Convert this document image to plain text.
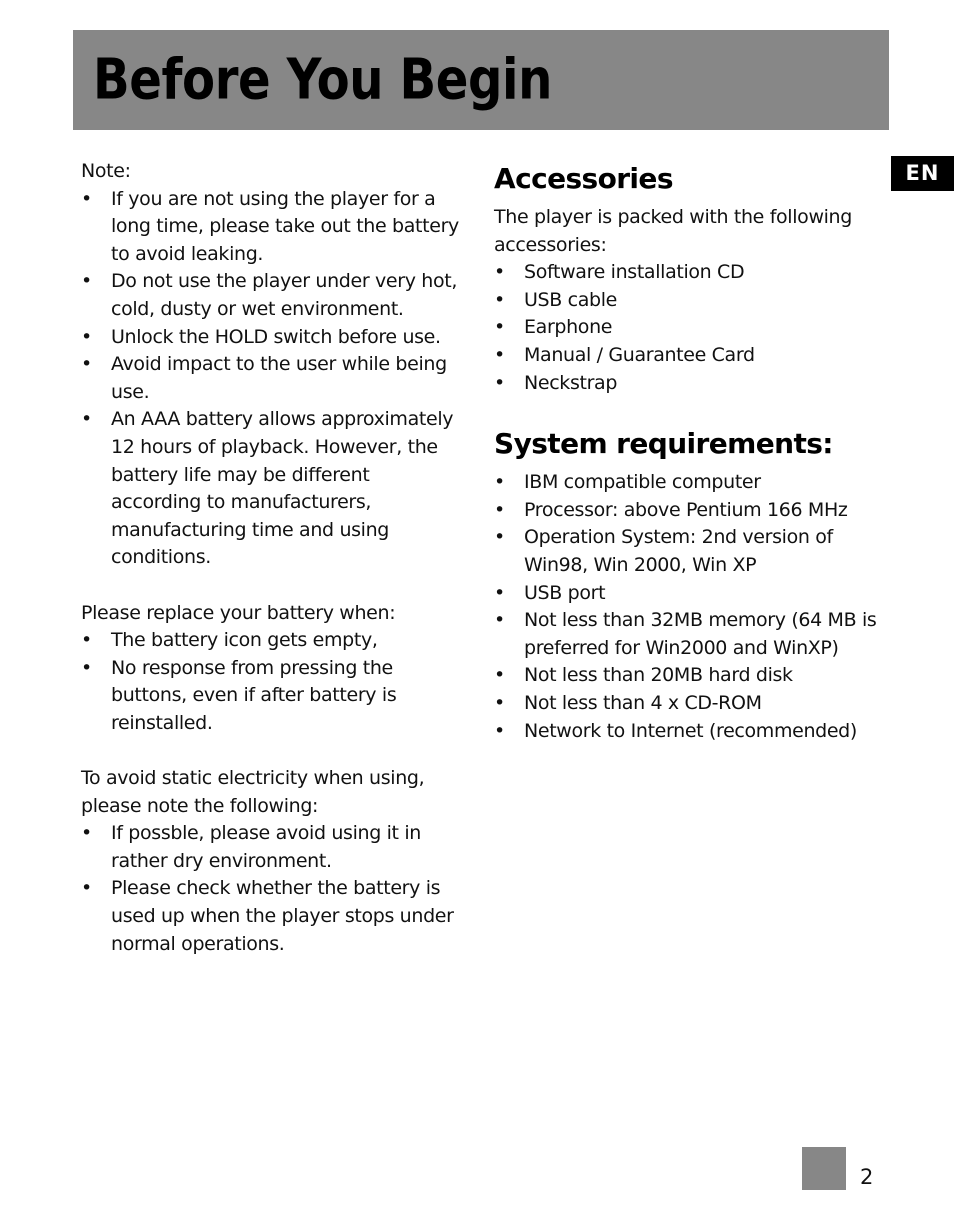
Before You Begin
EN

Note:

• If you are not using the player for a long time, please take out the battery to avoid leaking.
• Do not use the player under very hot, cold, dusty or wet environment.
• Unlock the HOLD switch before use.
• Avoid impact to the user while being use.
• An AAA battery allows approximately 12 hours of playback. However, the battery life may be different according to manufacturers, manufacturing time and using conditions.

Please replace your battery when:

• The battery icon gets empty,
• No response from pressing the buttons, even if after battery is reinstalled.

To avoid static electricity when using, please note the following:

• If possble, please avoid using it in rather dry environment.
• Please check whether the battery is used up when the player stops under normal operations.
Accessories

The player is packed with the following accessories:

• Software installation CD
• USB cable
• Earphone
• Manual / Guarantee Card
• Neckstrap
System requirements:
• IBM compatible computer
• Processor: above Pentium 166 MHz
• Operation System: 2nd version of Win98, Win 2000, Win XP
• USB port
• Not less than 32MB memory (64 MB is preferred for Win2000 and WinXP)
• Not less than 20MB hard disk
• Not less than 4 x CD-ROM
• Network to Internet (recommended)
2
